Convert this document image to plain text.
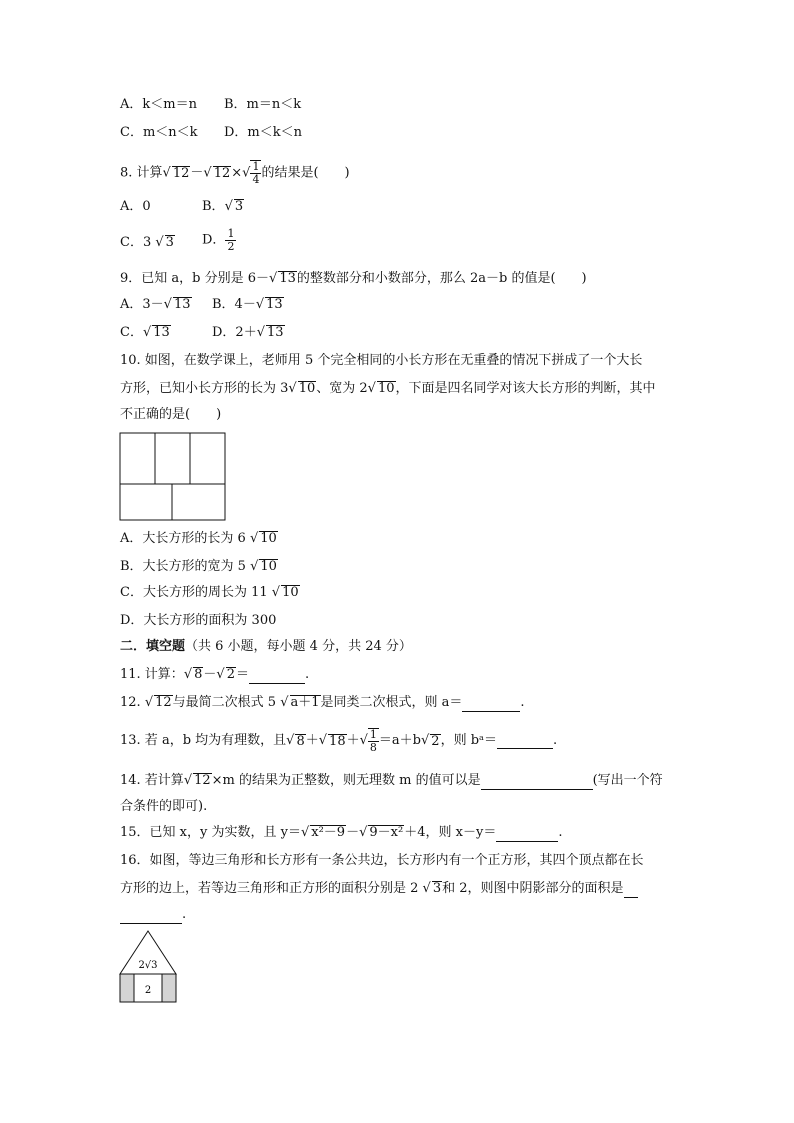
A．k＜m＝n B．m＝n＜k
C．m＜n＜k D．m＜k＜n
8. 计算√ 12－√ $12\times√ \frac{1}{4}$ 的结果是(　　)
A．0	B．√ 3
C．3 √ 3 D． $\frac{1}{2}$
9．已知 a，b 分别是 6－√ 13的整数部分和小数部分，那么 2a－b 的值是(　　)
A．3－√ 13 B．4－√ 13
C．√ 13	D．2＋√ 13
10. 如图，在数学课上，老师用 5 个完全相同的小长方形在无重叠的情况下拼成了一个大长
方形，已知小长方形的长为 3√ 10、宽为 2√ 10，下面是四名同学对该大长方形的判断，其中
不正确的是(　　)
A．大长方形的长为 6 √ 10
B．大长方形的宽为 5 √ 10
C．大长方形的周长为 11 √ 10
D．大长方形的面积为 300
二．填空题（共 6 小题，每小题 4 分，共 24 分）
11. 计算：√ 8－√ 2＝	.
12. √ 12与最简二次根式 5 √ a＋1是同类二次根式，则 a＝	.
13. 若 a，b 均为有理数，且√ 8＋√ $18+√ \frac{1}{8} =a+b√$ 2，则 bᵃ＝	.
14. 若计算√ 12×m 的结果为正整数，则无理数 m 的值可以是	(写出一个符
合条件的即可).
15．已知 x，y 为实数，且 y＝√ x²－9－√ 9－x²＋4，则 x－y＝	.
16．如图，等边三角形和长方形有一条公共边，长方形内有一个正方形，其四个顶点都在长
方形的边上，若等边三角形和正方形的面积分别是 2 √ 3和 2，则图中阴影部分的面积是
.
2√3
2
